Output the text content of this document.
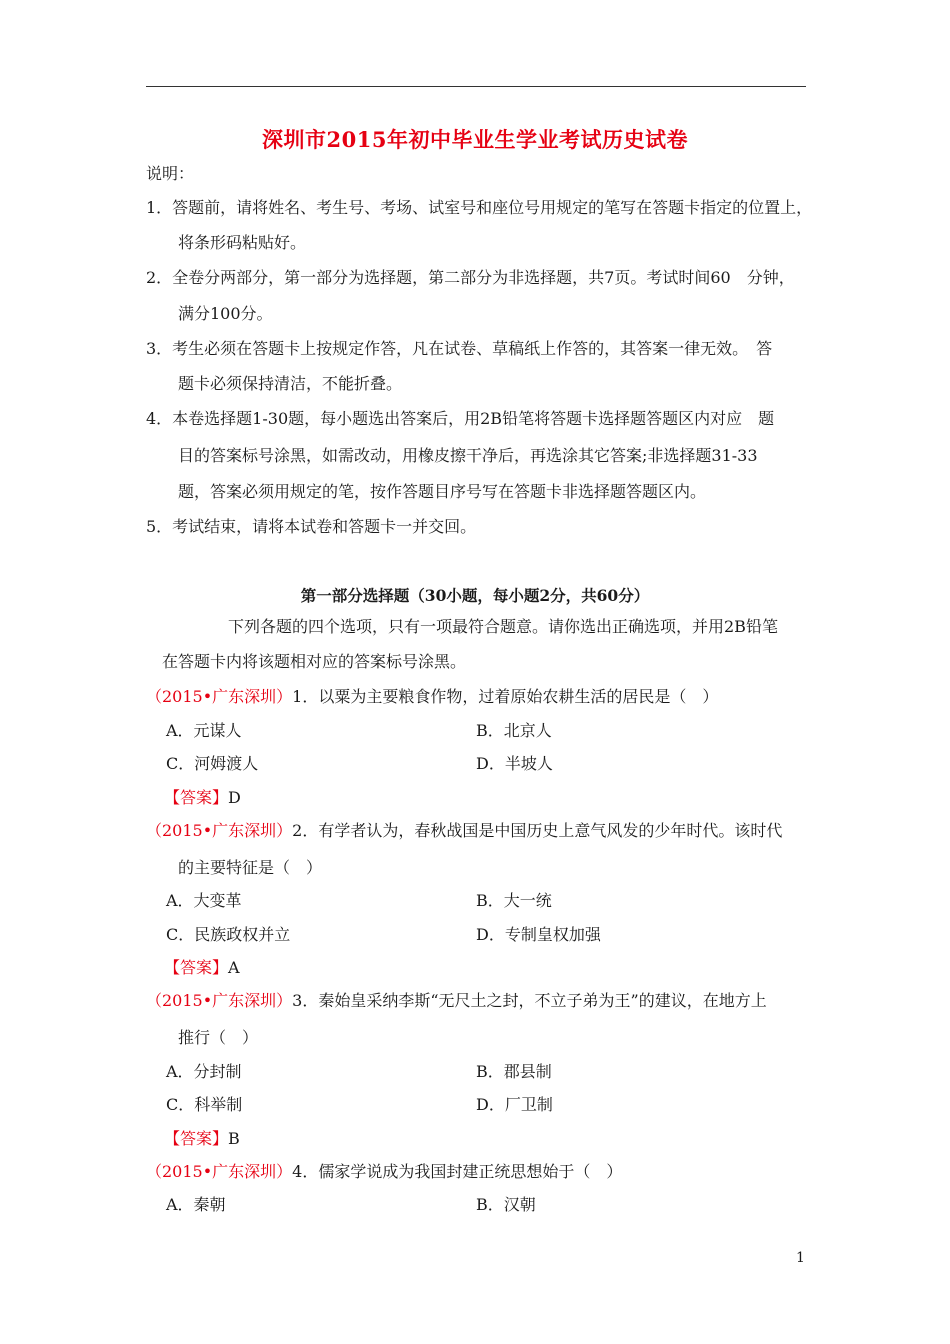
深圳市2015年初中毕业生学业考试历史试卷
说明：
1．答题前，请将姓名、考生号、考场、试室号和座位号用规定的笔写在答题卡指定的位置上，
将条形码粘贴好。
2．全卷分两部分，第一部分为选择题，第二部分为非选择题，共7页。考试时间60　分钟，
满分100分。
3．考生必须在答题卡上按规定作答，凡在试卷、草稿纸上作答的，其答案一律无效。　答
题卡必须保持清洁，不能折叠。
4．本卷选择题1-30题，每小题选出答案后，用2B铅笔将答题卡选择题答题区内对应　题
目的答案标号涂黑，如需改动，用橡皮擦干净后，再选涂其它答案;非选择题31-33
题，答案必须用规定的笔，按作答题目序号写在答题卡非选择题答题区内。
5．考试结束，请将本试卷和答题卡一并交回。
第一部分选择题（30小题，每小题2分，共60分）
下列各题的四个选项，只有一项最符合题意。请你选出正确选项，并用2B铅笔
在答题卡内将该题相对应的答案标号涂黑。
（2015•广东深圳）1．以粟为主要粮食作物，过着原始农耕生活的居民是（　）
A．元谋人	B．北京人
C．河姆渡人	D．半坡人
【答案】D
（2015•广东深圳）2．有学者认为，春秋战国是中国历史上意气风发的少年时代。该时代
的主要特征是（　）
A．大变革	B．大一统
C．民族政权并立	D．专制皇权加强
【答案】A
（2015•广东深圳）3．秦始皇采纳李斯“无尺土之封，不立子弟为王”的建议，在地方上
推行（　）
A．分封制	B．郡县制
C．科举制	D．厂卫制
【答案】B
（2015•广东深圳）4．儒家学说成为我国封建正统思想始于（　）
A．秦朝	B．汉朝
1
